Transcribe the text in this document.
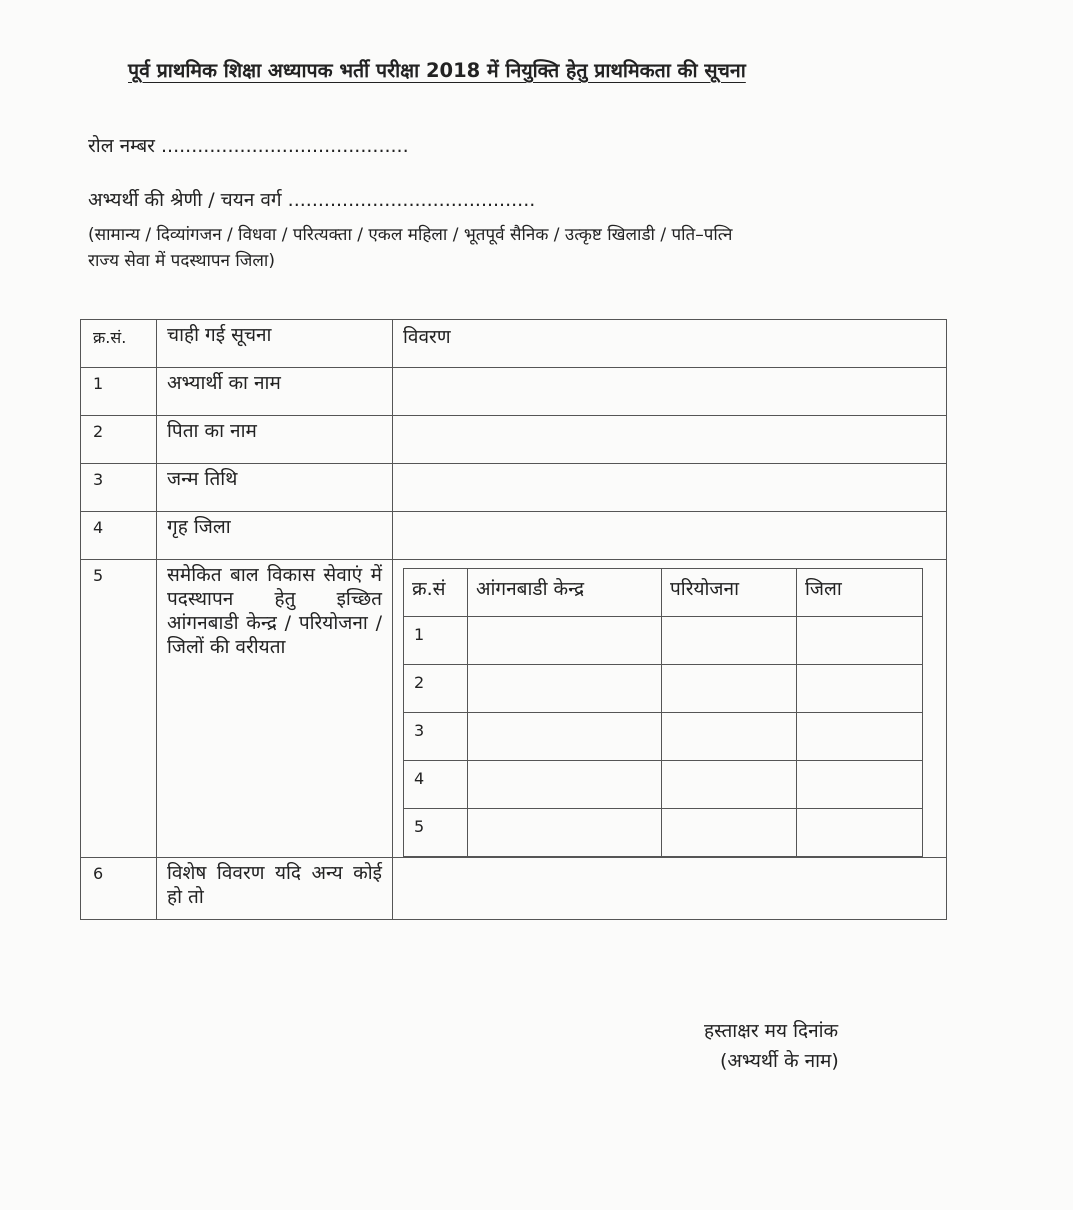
पूर्व प्राथमिक शिक्षा अध्यापक भर्ती परीक्षा 2018 में नियुक्ति हेतु प्राथमिकता की सूचना
रोल नम्बर .........................................
अभ्यर्थी की श्रेणी / चयन वर्ग .........................................
(सामान्य / दिव्यांगजन / विधवा / परित्यक्ता / एकल महिला / भूतपूर्व सैनिक / उत्कृष्ट खिलाडी / पति–पत्नि
राज्य सेवा में पदस्थापन जिला)
क्र.सं.	चाही गई सूचना	विवरण
1	अभ्यार्थी का नाम	
2	पिता का नाम	
3	जन्म तिथि	
4	गृह जिला	
5	समेकित बाल विकास सेवाएं में पदस्थापन हेतु इच्छित आंगनबाडी केन्द्र / परियोजना / जिलों की वरीयता	
क्र.सं	आंगनबाडी केन्द्र	परियोजना	जिला
1			
2			
3			
4			
5			

6	विशेष विवरण यदि अन्य कोई हो तो	
हस्ताक्षर मय दिनांक
(अभ्यर्थी के नाम)
